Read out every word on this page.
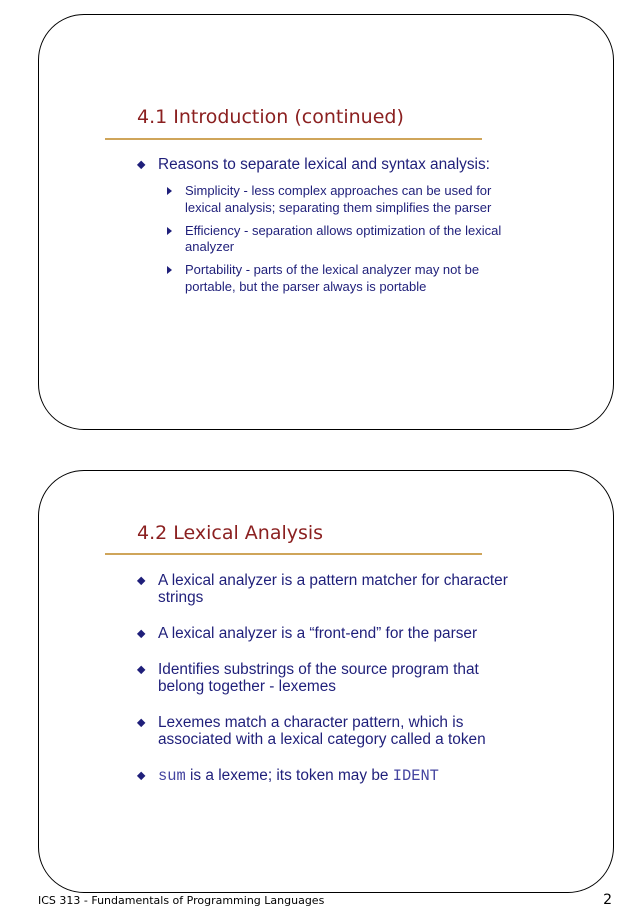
4.1 Introduction (continued)
Reasons to separate lexical and syntax analysis:
Simplicity - less complex approaches can be used for
lexical analysis; separating them simplifies the parser
Efficiency - separation allows optimization of the lexical
analyzer
Portability - parts of the lexical analyzer may not be
portable, but the parser always is portable
4.2 Lexical Analysis
A lexical analyzer is a pattern matcher for character
strings
A lexical analyzer is a “front-end” for the parser
Identifies substrings of the source program that
belong together - lexemes
Lexemes match a character pattern, which is
associated with a lexical category called a token
sum is a lexeme; its token may be IDENT
ICS 313 - Fundamentals of Programming Languages	2
